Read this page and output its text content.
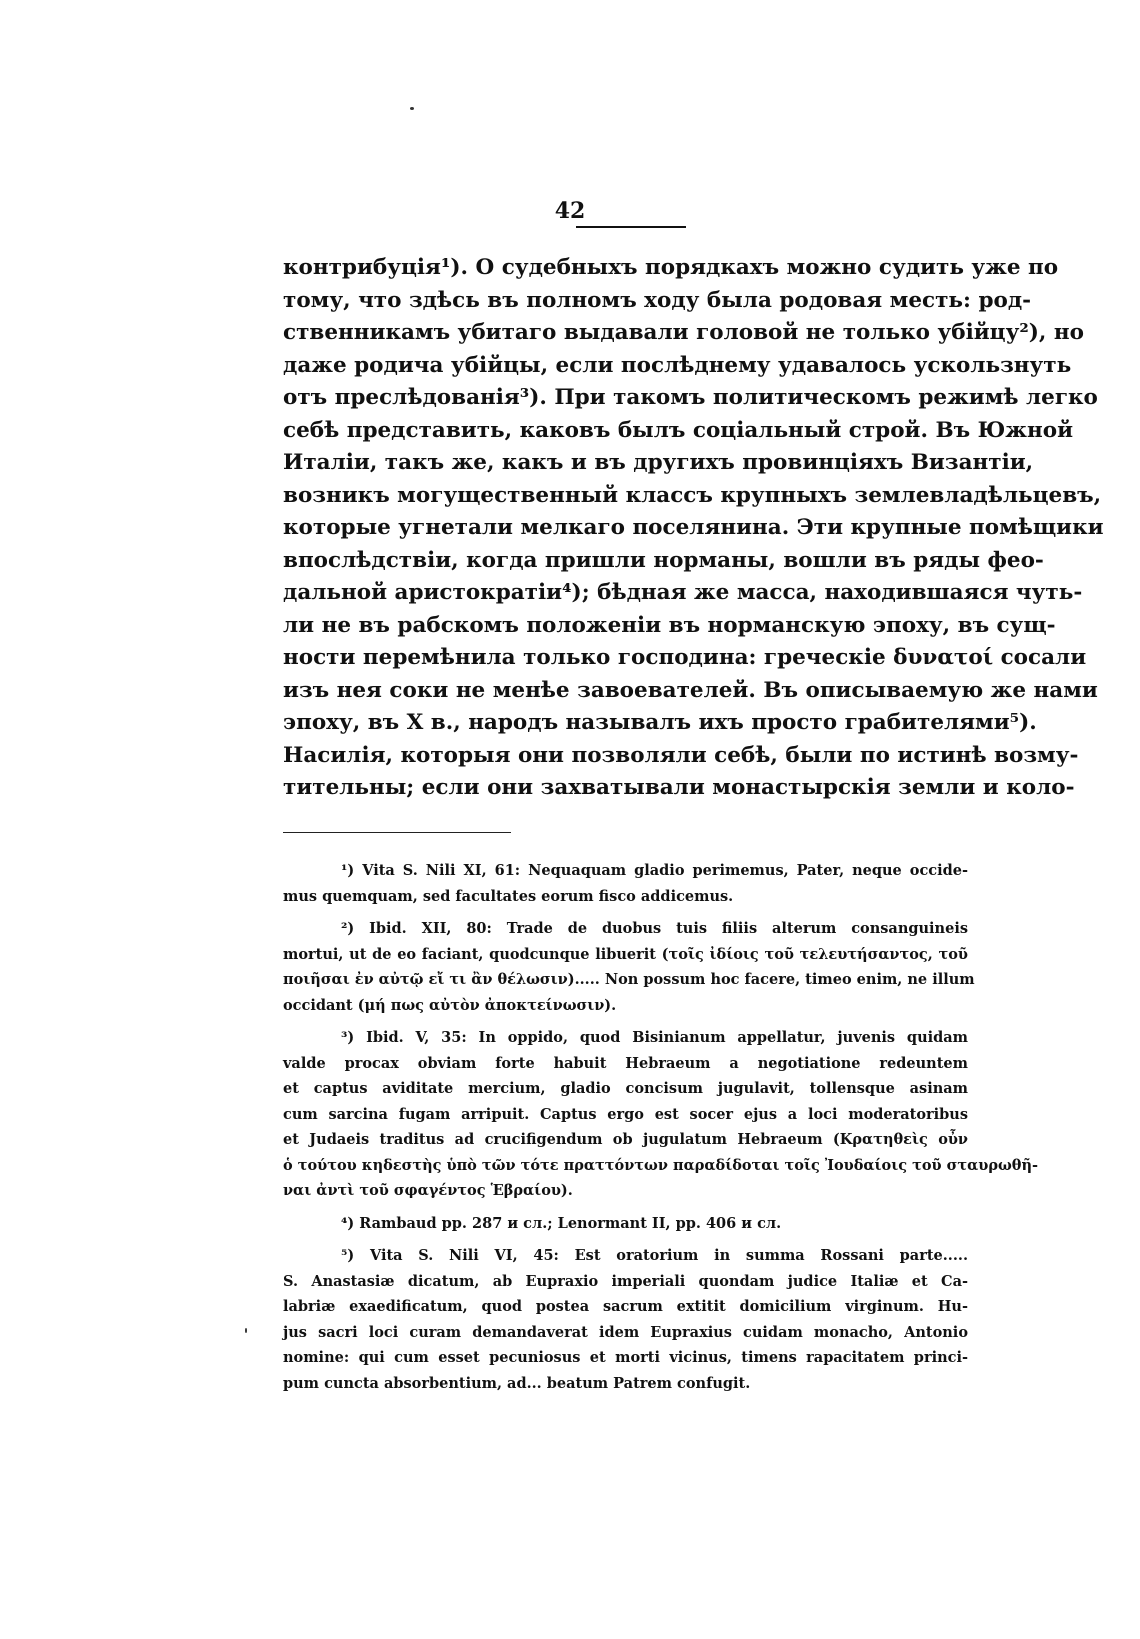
42
контрибуція¹). О судебныхъ порядкахъ можно судить уже по
тому, что здѣсь въ полномъ ходу была родовая месть: род-
ственникамъ убитаго выдавали головой не только убійцу²), но
даже родича убійцы, если послѣднему удавалось ускользнуть
отъ преслѣдованія³). При такомъ политическомъ режимѣ легко
себѣ представить, каковъ былъ соціальный строй. Въ Южной
Италіи, такъ же, какъ и въ другихъ провинціяхъ Византіи,
возникъ могущественный классъ крупныхъ землевладѣльцевъ,
которые угнетали мелкаго поселянина. Эти крупные помѣщики
впослѣдствіи, когда пришли норманы, вошли въ ряды фео-
дальной аристократіи⁴); бѣдная же масса, находившаяся чуть-
ли не въ рабскомъ положеніи въ норманскую эпоху, въ сущ-
ности перемѣнила только господина: греческіе δυνατοί сосали
изъ нея соки не менѣе завоевателей. Въ описываемую же нами
эпоху, въ X в., народъ называлъ ихъ просто грабителями⁵).
Насилія, которыя они позволяли себѣ, были по истинѣ возму-
тительны; если они захватывали монастырскія земли и коло-
¹) Vita S. Nili XI, 61: Nequaquam gladio perimemus, Pater, neque occide-
mus quemquam, sed facultates eorum fisco addicemus.
²) Ibid. XII, 80: Trade de duobus tuis filiis alterum consanguineis
mortui, ut de eo faciant, quodcunque libuerit (τοῖς ἰδίοις τοῦ τελευτήσαντος, τοῦ
ποιῆσαι ἐν αὐτῷ εἴ τι ἂν θέλωσιν)..... Non possum hoc facere, timeo enim, ne illum
occidant (μή πως αὐτὸν ἀποκτείνωσιν).
³) Ibid. V, 35: In oppido, quod Bisinianum appellatur, juvenis quidam
valde procax obviam forte habuit Hebraeum a negotiatione redeuntem
et captus aviditate mercium, gladio concisum jugulavit, tollensque asinam
cum sarcina fugam arripuit. Captus ergo est socer ejus a loci moderatoribus
et Judaeis traditus ad crucifigendum ob jugulatum Hebraeum (Κρατηθεὶς οὖν
ὁ τούτου κηδεστὴς ὑπὸ τῶν τότε πραττόντων παραδίδοται τοῖς Ἰουδαίοις τοῦ σταυρωθῆ-
ναι ἀντὶ τοῦ σφαγέντος Ἑβραίου).
⁴) Rambaud pp. 287 и сл.; Lenormant II, pp. 406 и сл.
⁵) Vita S. Nili VI, 45: Est oratorium in summa Rossani parte.....
S. Anastasiæ dicatum, ab Eupraxio imperiali quondam judice Italiæ et Ca-
labriæ exaedificatum, quod postea sacrum extitit domicilium virginum. Hu-
jus sacri loci curam demandaverat idem Eupraxius cuidam monacho, Antonio
nomine: qui cum esset pecuniosus et morti vicinus, timens rapacitatem princi-
pum cuncta absorbentium, ad... beatum Patrem confugit.
